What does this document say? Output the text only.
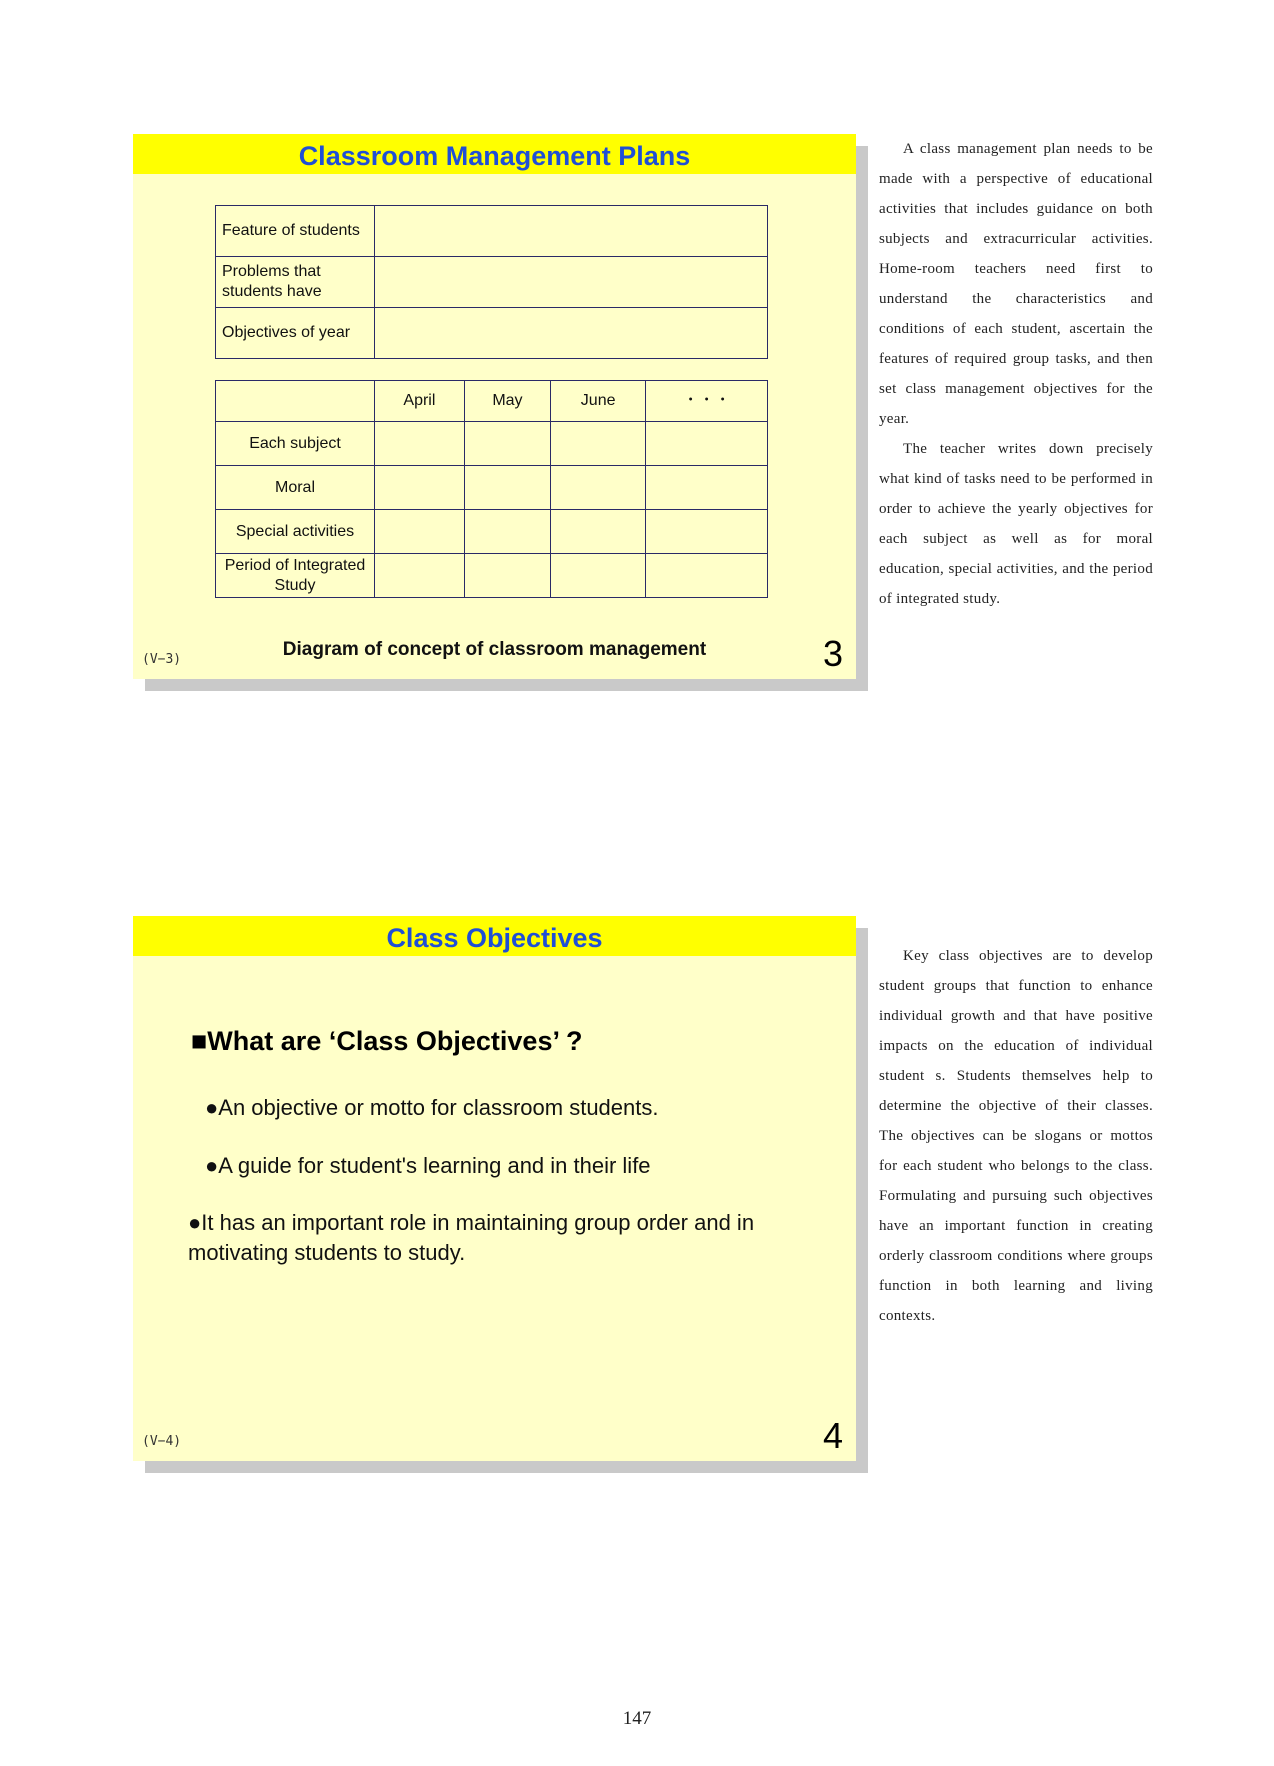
Classroom Management Plans
Feature of students	
Problems that students have	
Objectives of year	
	April	May	June	・・・
Each subject				
Moral				
Special activities				
Period of Integrated Study				
Diagram of concept of classroom management
(V−3)	3

A class management plan needs to be made with a perspective of educational activities that includes guidance on both subjects and extracurricular activities. Home-room teachers need first to understand the characteristics and conditions of each student, ascertain the features of required group tasks, and then set class management objectives for the year.

The teacher writes down precisely what kind of tasks need to be performed in order to achieve the yearly objectives for each subject as well as for moral education, special activities, and the period of integrated study.

Class Objectives
■What are ‘Class Objectives’ ?
●An objective or motto for classroom students.
●A guide for student's learning and in their life
●It has an important role in maintaining group order and in motivating students to study.
(V−4)	4

Key class objectives are to develop student groups that function to enhance individual growth and that have positive impacts on the education of individual student s. Students themselves help to determine the objective of their classes. The objectives can be slogans or mottos for each student who belongs to the class. Formulating and pursuing such objectives have an important function in creating orderly classroom conditions where groups function in both learning and living contexts.

147
